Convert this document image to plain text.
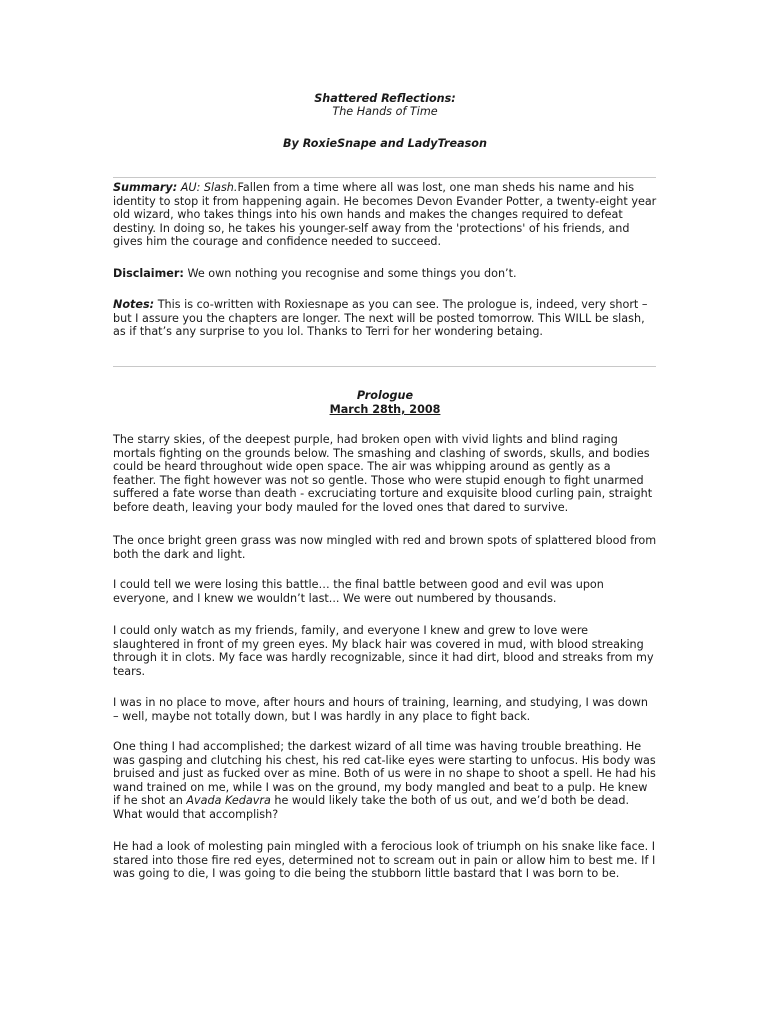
Shattered Reflections:
The Hands of Time
By RoxieSnape and LadyTreason

Summary: AU: Slash.Fallen from a time where all was lost, one man sheds his name and his identity to stop it from happening again. He becomes Devon Evander Potter, a twenty-eight year old wizard, who takes things into his own hands and makes the changes required to defeat destiny. In doing so, he takes his younger-self away from the 'protections' of his friends, and gives him the courage and confidence needed to succeed.

Disclaimer: We own nothing you recognise and some things you don’t.

Notes: This is co-written with Roxiesnape as you can see. The prologue is, indeed, very short – but I assure you the chapters are longer. The next will be posted tomorrow. This WILL be slash, as if that’s any surprise to you lol. Thanks to Terri for her wondering betaing.

Prologue
March 28th, 2008

The starry skies, of the deepest purple, had broken open with vivid lights and blind raging mortals fighting on the grounds below. The smashing and clashing of swords, skulls, and bodies could be heard throughout wide open space. The air was whipping around as gently as a feather. The fight however was not so gentle. Those who were stupid enough to fight unarmed suffered a fate worse than death - excruciating torture and exquisite blood curling pain, straight before death, leaving your body mauled for the loved ones that dared to survive.

The once bright green grass was now mingled with red and brown spots of splattered blood from both the dark and light.

I could tell we were losing this battle… the final battle between good and evil was upon everyone, and I knew we wouldn’t last... We were out numbered by thousands.

I could only watch as my friends, family, and everyone I knew and grew to love were slaughtered in front of my green eyes. My black hair was covered in mud, with blood streaking through it in clots. My face was hardly recognizable, since it had dirt, blood and streaks from my tears.

I was in no place to move, after hours and hours of training, learning, and studying, I was down – well, maybe not totally down, but I was hardly in any place to fight back.

One thing I had accomplished; the darkest wizard of all time was having trouble breathing. He was gasping and clutching his chest, his red cat-like eyes were starting to unfocus. His body was bruised and just as fucked over as mine. Both of us were in no shape to shoot a spell. He had his wand trained on me, while I was on the ground, my body mangled and beat to a pulp. He knew if he shot an Avada Kedavra he would likely take the both of us out, and we’d both be dead. What would that accomplish?

He had a look of molesting pain mingled with a ferocious look of triumph on his snake like face. I stared into those fire red eyes, determined not to scream out in pain or allow him to best me. If I was going to die, I was going to die being the stubborn little bastard that I was born to be.
